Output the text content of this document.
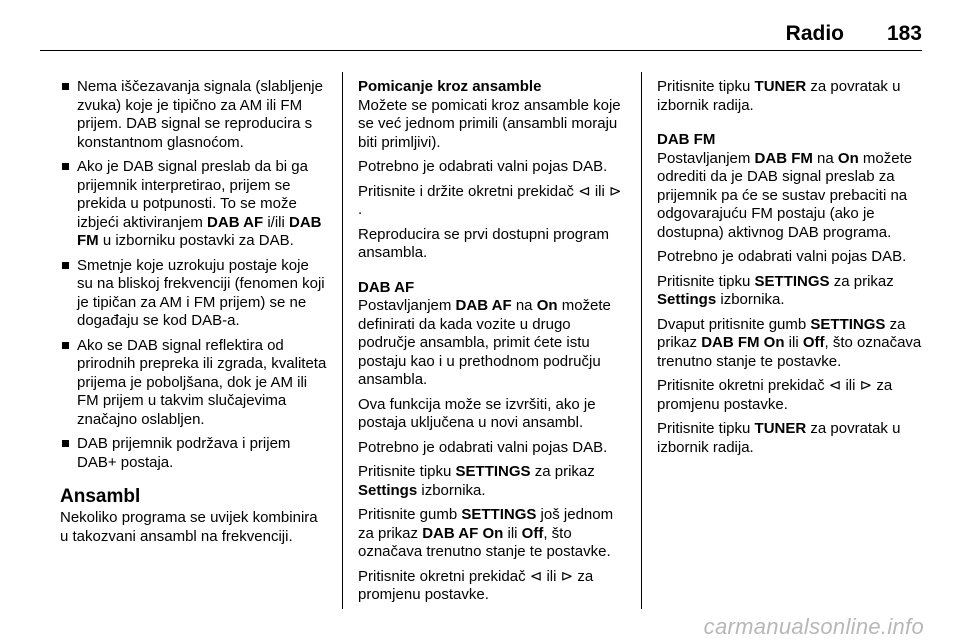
Radio 183
Nema iščezavanja signala (slabljenje zvuka) koje je tipično za AM ili FM prijem. DAB signal se reproducira s konstantnom glasnoćom.
Ako je DAB signal preslab da bi ga prijemnik interpretirao, prijem se prekida u potpunosti. To se može izbjeći aktiviranjem DAB AF i/ili DAB FM u izborniku postavki za DAB.
Smetnje koje uzrokuju postaje koje su na bliskoj frekvenciji (fenomen koji je tipičan za AM i FM prijem) se ne događaju se kod DAB-a.
Ako se DAB signal reflektira od prirodnih prepreka ili zgrada, kvaliteta prijema je poboljšana, dok je AM ili FM prijem u takvim slučajevima značajno oslabljen.
DAB prijemnik podržava i prijem DAB+ postaja.
Ansambl

Nekoliko programa se uvijek kombinira u takozvani ansambl na frekvenciji.

Pomicanje kroz ansamble

Možete se pomicati kroz ansamble koje se već jednom primili (ansambli moraju biti primljivi).

Potrebno je odabrati valni pojas DAB.

Pritisnite i držite okretni prekidač ⊲ ili ⊳ .

Reproducira se prvi dostupni program ansambla.

DAB AF

Postavljanjem DAB AF na On možete definirati da kada vozite u drugo područje ansambla, primit ćete istu postaju kao i u prethodnom području ansambla.

Ova funkcija može se izvršiti, ako je postaja uključena u novi ansambl.

Potrebno je odabrati valni pojas DAB.

Pritisnite tipku SETTINGS za prikaz Settings izbornika.

Pritisnite gumb SETTINGS još jednom za prikaz DAB AF On ili Off, što označava trenutno stanje te postavke.

Pritisnite okretni prekidač ⊲ ili ⊳ za promjenu postavke.

Pritisnite tipku TUNER za povratak u izbornik radija.

DAB FM

Postavljanjem DAB FM na On možete odrediti da je DAB signal preslab za prijemnik pa će se sustav prebaciti na odgovarajuću FM postaju (ako je dostupna) aktivnog DAB programa.

Potrebno je odabrati valni pojas DAB.

Pritisnite tipku SETTINGS za prikaz Settings izbornika.

Dvaput pritisnite gumb SETTINGS za prikaz DAB FM On ili Off, što označava trenutno stanje te postavke.

Pritisnite okretni prekidač ⊲ ili ⊳ za promjenu postavke.

Pritisnite tipku TUNER za povratak u izbornik radija.

carmanualsonline.info
